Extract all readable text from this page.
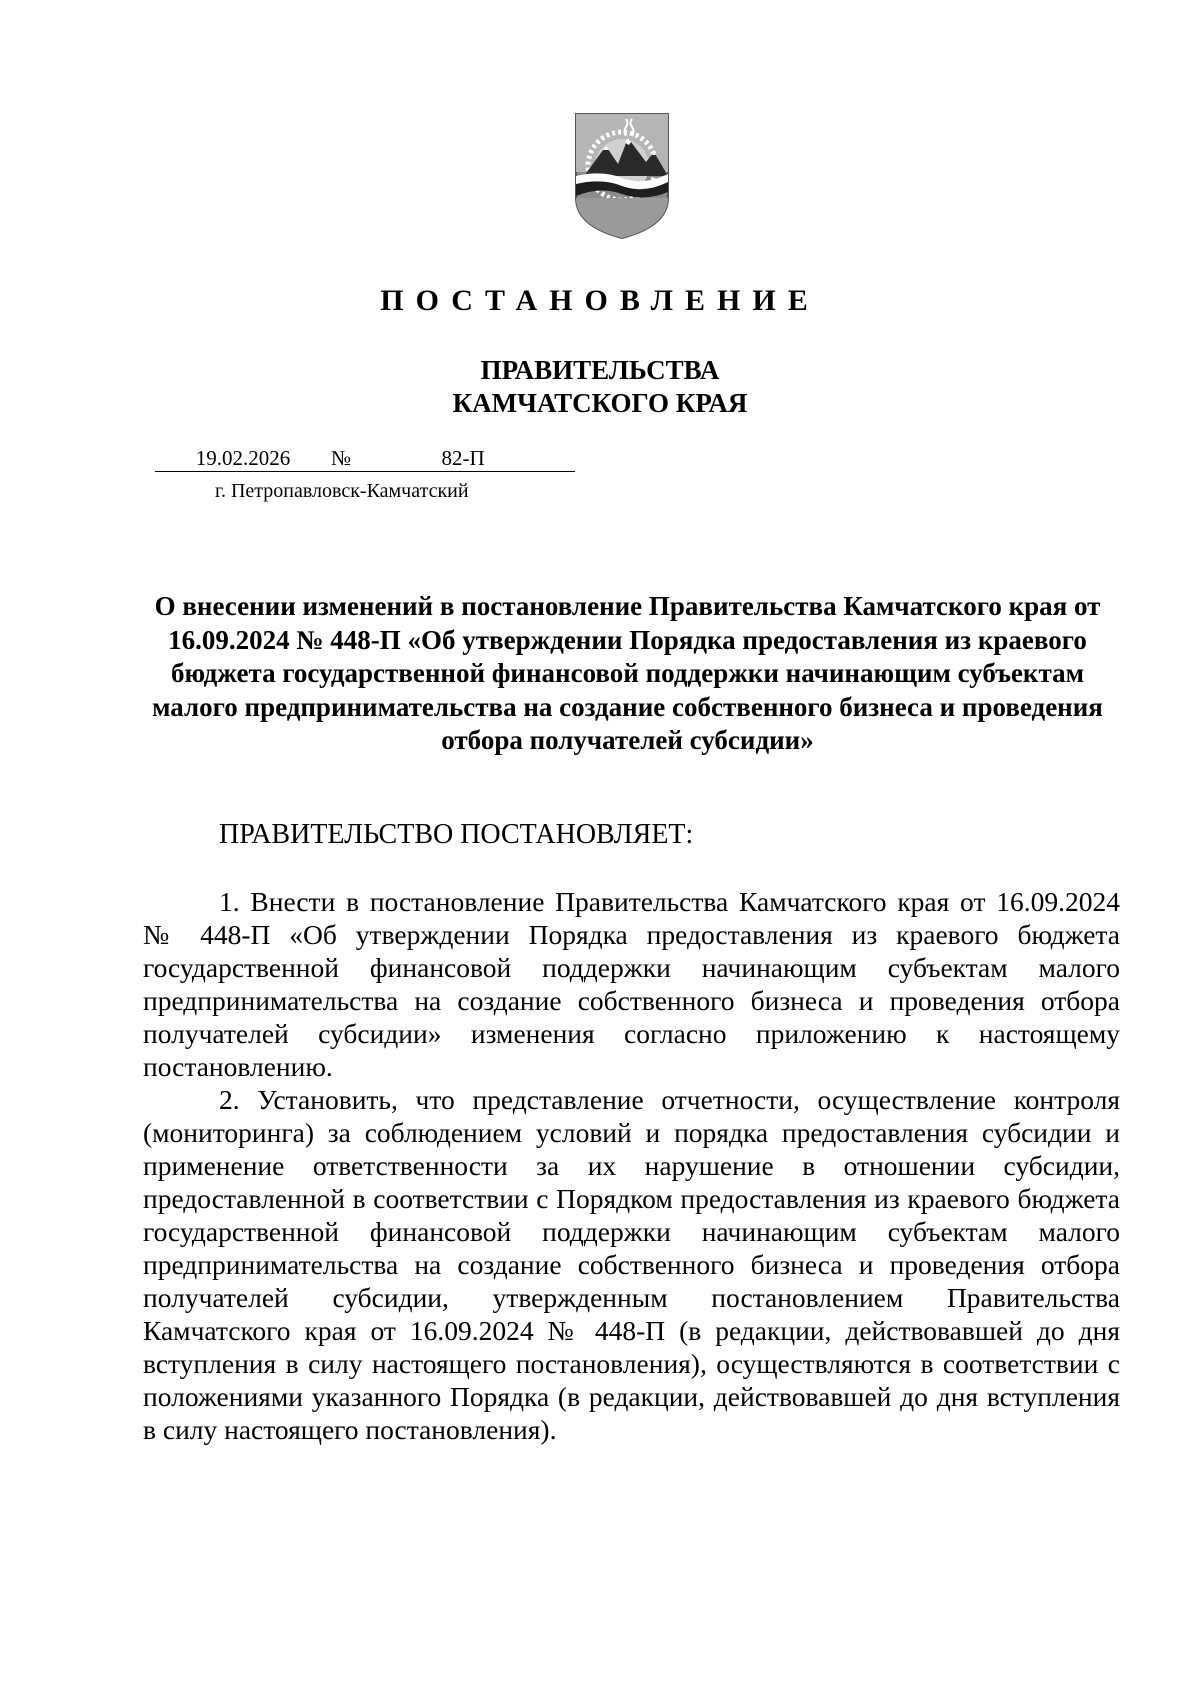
ПОСТАНОВЛЕНИЕ
ПРАВИТЕЛЬСТВА
КАМЧАТСКОГО КРАЯ
19.02.2026 №	82-П
г. Петропавловск-Камчатский
О внесении изменений в постановление Правительства Камчатского края от 16.09.2024 № 448-П «Об утверждении Порядка предоставления из краевого бюджета государственной финансовой поддержки начинающим субъектам малого предпринимательства на создание собственного бизнеса и проведения отбора получателей субсидии»
ПРАВИТЕЛЬСТВО ПОСТАНОВЛЯЕТ:

1. Внести в постановление Правительства Камчатского края от 16.09.2024 № 448-П «Об утверждении Порядка предоставления из краевого бюджета государственной финансовой поддержки начинающим субъектам малого предпринимательства на создание собственного бизнеса и проведения отбора получателей субсидии» изменения согласно приложению к настоящему постановлению.

2. Установить, что представление отчетности, осуществление контроля (мониторинга) за соблюдением условий и порядка предоставления субсидии и применение ответственности за их нарушение в отношении субсидии, предоставленной в соответствии с Порядком предоставления из краевого бюджета государственной финансовой поддержки начинающим субъектам малого предпринимательства на создание собственного бизнеса и проведения отбора получателей субсидии, утвержденным постановлением Правительства Камчатского края от 16.09.2024 № 448-П (в редакции, действовавшей до дня вступления в силу настоящего постановления), осуществляются в соответствии с положениями указанного Порядка (в редакции, действовавшей до дня вступления в силу настоящего постановления).
